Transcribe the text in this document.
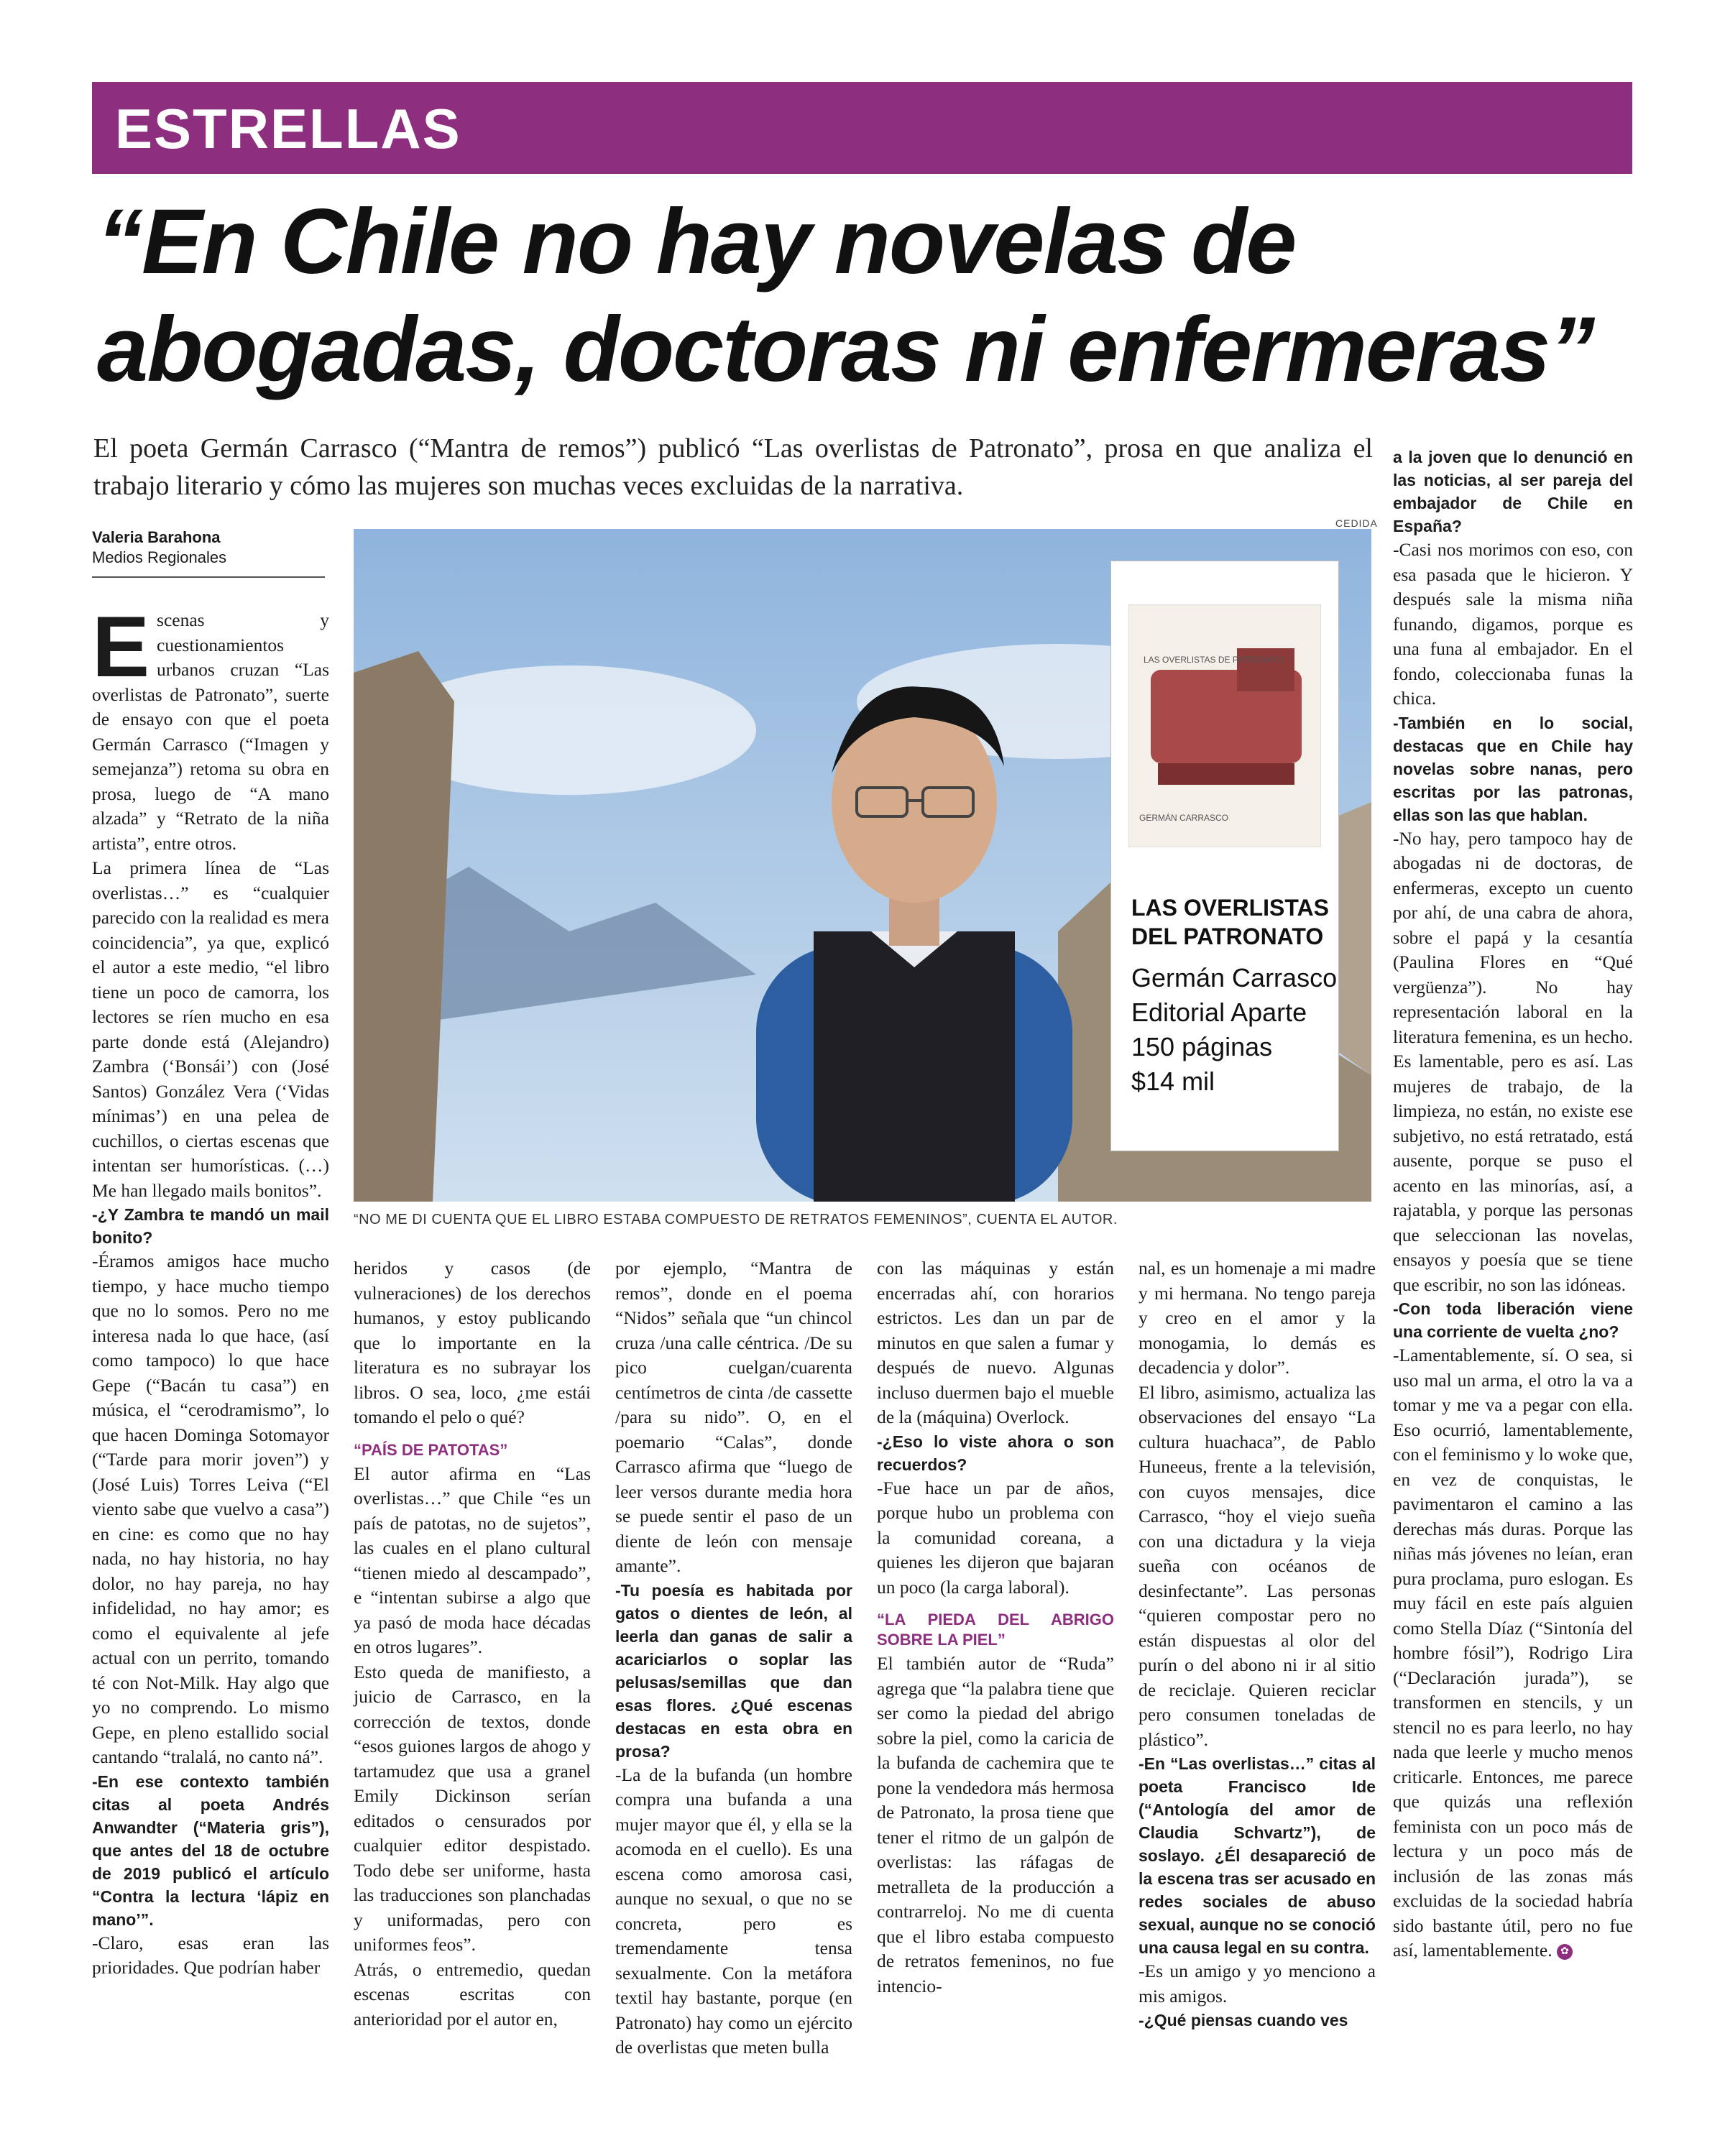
ESTRELLAS
“En Chile no hay novelas de abogadas, doctoras ni enfermeras”

El poeta Germán Carrasco (“Mantra de remos”) publicó “Las overlistas de Patronato”, prosa en que analiza el trabajo literario y cómo las mujeres son muchas veces excluidas de la narrativa.

Valeria Barahona
Medios Regionales
CEDIDA
LAS OVERLISTAS DE PATRONATO
GERMÁN CARRASCO
LAS OVERLISTAS DEL PATRONATO
Germán Carrasco
Editorial Aparte
150 páginas
$14 mil
“NO ME DI CUENTA QUE EL LIBRO ESTABA COMPUESTO DE RETRATOS FEMENINOS”, CUENTA EL AUTOR.

Escenas y cuestionamientos urbanos cruzan “Las overlistas de Patronato”, suerte de ensayo con que el poeta Germán Carrasco (“Imagen y semejanza”) retoma su obra en prosa, luego de “A mano alzada” y “Retrato de la niña artista”, entre otros.

La primera línea de “Las overlistas…” es “cualquier parecido con la realidad es mera coincidencia”, ya que, explicó el autor a este medio, “el libro tiene un poco de camorra, los lectores se ríen mucho en esa parte donde está (Alejandro) Zambra (‘Bonsái’) con (José Santos) González Vera (‘Vidas mínimas’) en una pelea de cuchillos, o ciertas escenas que intentan ser humorísticas. (…) Me han llegado mails bonitos”.

-¿Y Zambra te mandó un mail bonito?

-Éramos amigos hace mucho tiempo, y hace mucho tiempo que no lo somos. Pero no me interesa nada lo que hace, (así como tampoco) lo que hace Gepe (“Bacán tu casa”) en música, el “cerodramismo”, lo que hacen Dominga Sotomayor (“Tarde para morir joven”) y (José Luis) Torres Leiva (“El viento sabe que vuelvo a casa”) en cine: es como que no hay nada, no hay historia, no hay dolor, no hay pareja, no hay infidelidad, no hay amor; es como el equivalente al jefe actual con un perrito, tomando té con Not-Milk. Hay algo que yo no comprendo. Lo mismo Gepe, en pleno estallido social cantando “tralalá, no canto ná”.

-En ese contexto también citas al poeta Andrés Anwandter (“Materia gris”), que antes del 18 de octubre de 2019 publicó el artículo “Contra la lectura ‘lápiz en mano’”.

-Claro, esas eran las prioridades. Que podrían haber

heridos y casos (de vulneraciones) de los derechos humanos, y estoy publicando que lo importante en la literatura es no subrayar los libros. O sea, loco, ¿me estái tomando el pelo o qué?

“PAÍS DE PATOTAS”

El autor afirma en “Las overlistas…” que Chile “es un país de patotas, no de sujetos”, las cuales en el plano cultural “tienen miedo al descampado”, e “intentan subirse a algo que ya pasó de moda hace décadas en otros lugares”.

Esto queda de manifiesto, a juicio de Carrasco, en la corrección de textos, donde “esos guiones largos de ahogo y tartamudez que usa a granel Emily Dickinson serían editados o censurados por cualquier editor despistado. Todo debe ser uniforme, hasta las traducciones son planchadas y uniformadas, pero con uniformes feos”.

Atrás, o entremedio, quedan escenas escritas con anterioridad por el autor en,

por ejemplo, “Mantra de remos”, donde en el poema “Nidos” señala que “un chincol cruza /una calle céntrica. /De su pico cuelgan/cuarenta centímetros de cinta /de cassette /para su nido”. O, en el poemario “Calas”, donde Carrasco afirma que “luego de leer versos durante media hora se puede sentir el paso de un diente de león con mensaje amante”.

-Tu poesía es habitada por gatos o dientes de león, al leerla dan ganas de salir a acariciarlos o soplar las pelusas/semillas que dan esas flores. ¿Qué escenas destacas en esta obra en prosa?

-La de la bufanda (un hombre compra una bufanda a una mujer mayor que él, y ella se la acomoda en el cuello). Es una escena como amorosa casi, aunque no sexual, o que no se concreta, pero es tremendamente tensa sexualmente. Con la metáfora textil hay bastante, porque (en Patronato) hay como un ejército de overlistas que meten bulla

con las máquinas y están encerradas ahí, con horarios estrictos. Les dan un par de minutos en que salen a fumar y después de nuevo. Algunas incluso duermen bajo el mueble de la (máquina) Overlock.

-¿Eso lo viste ahora o son recuerdos?

-Fue hace un par de años, porque hubo un problema con la comunidad coreana, a quienes les dijeron que bajaran un poco (la carga laboral).

“LA PIEDA DEL ABRIGO SOBRE LA PIEL”

El también autor de “Ruda” agrega que “la palabra tiene que ser como la piedad del abrigo sobre la piel, como la caricia de la bufanda de cachemira que te pone la vendedora más hermosa de Patronato, la prosa tiene que tener el ritmo de un galpón de overlistas: las ráfagas de metralleta de la producción a contrarreloj. No me di cuenta que el libro estaba compuesto de retratos femeninos, no fue intencio-

nal, es un homenaje a mi madre y mi hermana. No tengo pareja y creo en el amor y la monogamia, lo demás es decadencia y dolor”.

El libro, asimismo, actualiza las observaciones del ensayo “La cultura huachaca”, de Pablo Huneeus, frente a la televisión, con cuyos mensajes, dice Carrasco, “hoy el viejo sueña con una dictadura y la vieja sueña con océanos de desinfectante”. Las personas “quieren compostar pero no están dispuestas al olor del purín o del abono ni ir al sitio de reciclaje. Quieren reciclar pero consumen toneladas de plástico”.

-En “Las overlistas…” citas al poeta Francisco Ide (“Antología del amor de Claudia Schvartz”), de soslayo. ¿Él desapareció de la escena tras ser acusado en redes sociales de abuso sexual, aunque no se conoció una causa legal en su contra.

-Es un amigo y yo menciono a mis amigos.

-¿Qué piensas cuando ves

a la joven que lo denunció en las noticias, al ser pareja del embajador de Chile en España?

-Casi nos morimos con eso, con esa pasada que le hicieron. Y después sale la misma niña funando, digamos, porque es una funa al embajador. En el fondo, coleccionaba funas la chica.

-También en lo social, destacas que en Chile hay novelas sobre nanas, pero escritas por las patronas, ellas son las que hablan.

-No hay, pero tampoco hay de abogadas ni de doctoras, de enfermeras, excepto un cuento por ahí, de una cabra de ahora, sobre el papá y la cesantía (Paulina Flores en “Qué vergüenza”). No hay representación laboral en la literatura femenina, es un hecho. Es lamentable, pero es así. Las mujeres de trabajo, de la limpieza, no están, no existe ese subjetivo, no está retratado, está ausente, porque se puso el acento en las minorías, así, a rajatabla, y porque las personas que seleccionan las novelas, ensayos y poesía que se tiene que escribir, no son las idóneas.

-Con toda liberación viene una corriente de vuelta ¿no?

-Lamentablemente, sí. O sea, si uso mal un arma, el otro la va a tomar y me va a pegar con ella. Eso ocurrió, lamentablemente, con el feminismo y lo woke que, en vez de conquistas, le pavimentaron el camino a las derechas más duras. Porque las niñas más jóvenes no leían, eran pura proclama, puro eslogan. Es muy fácil en este país alguien como Stella Díaz (“Sintonía del hombre fósil”), Rodrigo Lira (“Declaración jurada”), se transformen en stencils, y un stencil no es para leerlo, no hay nada que leerle y mucho menos criticarle. Entonces, me parece que quizás una reflexión feminista con un poco más de lectura y un poco más de inclusión de las zonas más excluidas de la sociedad habría sido bastante útil, pero no fue así, lamentablemente. ✿
